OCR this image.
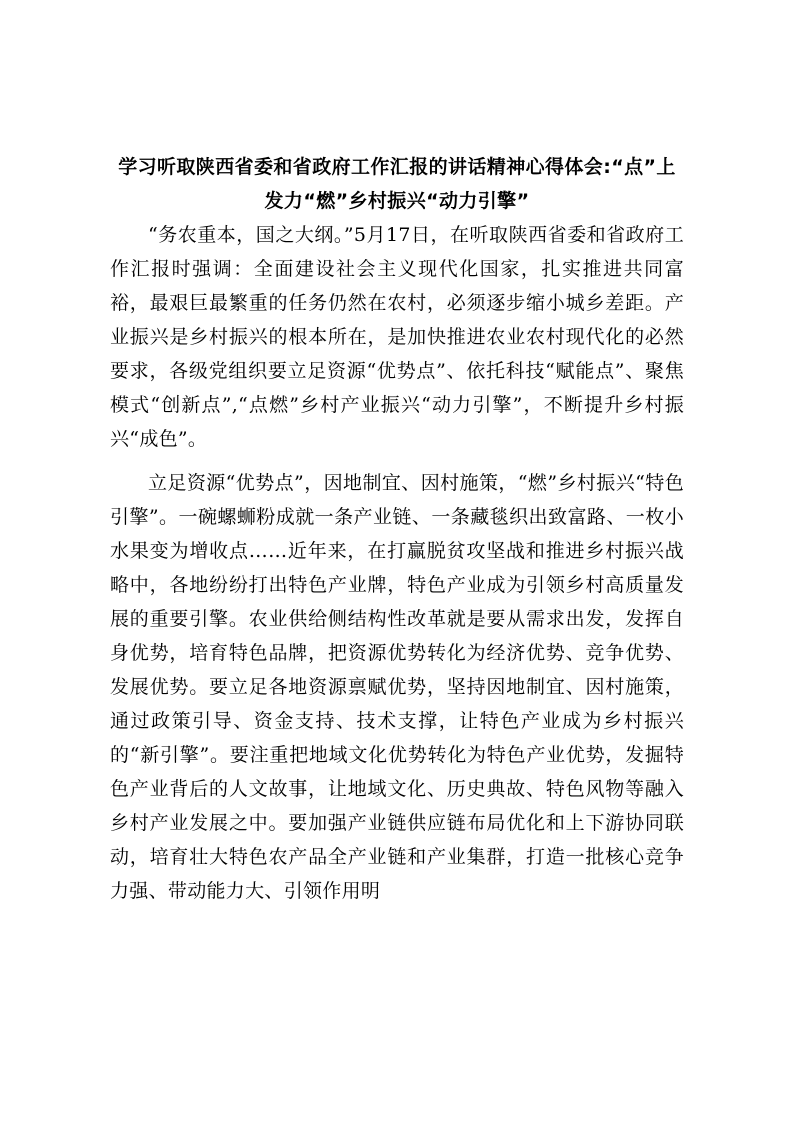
学习听取陕西省委和省政府工作汇报的讲话精神心得体会:“点”上发力“燃”乡村振兴“动力引擎”

“务农重本，国之大纲。”5月17日，在听取陕西省委和省政府工作汇报时强调：全面建设社会主义现代化国家，扎实推进共同富裕，最艰巨最繁重的任务仍然在农村，必须逐步缩小城乡差距。产业振兴是乡村振兴的根本所在，是加快推进农业农村现代化的必然要求，各级党组织要立足资源“优势点”、依托科技“赋能点”、聚焦模式“创新点”,“点燃”乡村产业振兴“动力引擎”，不断提升乡村振兴“成色”。

立足资源“优势点”，因地制宜、因村施策，“燃”乡村振兴“特色引擎”。一碗螺蛳粉成就一条产业链、一条藏毯织出致富路、一枚小水果变为增收点……近年来，在打赢脱贫攻坚战和推进乡村振兴战略中，各地纷纷打出特色产业牌，特色产业成为引领乡村高质量发展的重要引擎。农业供给侧结构性改革就是要从需求出发，发挥自身优势，培育特色品牌，把资源优势转化为经济优势、竞争优势、发展优势。要立足各地资源禀赋优势，坚持因地制宜、因村施策，通过政策引导、资金支持、技术支撑，让特色产业成为乡村振兴的“新引擎”。要注重把地域文化优势转化为特色产业优势，发掘特色产业背后的人文故事，让地域文化、历史典故、特色风物等融入乡村产业发展之中。要加强产业链供应链布局优化和上下游协同联动，培育壮大特色农产品全产业链和产业集群，打造一批核心竞争力强、带动能力大、引领作用明
